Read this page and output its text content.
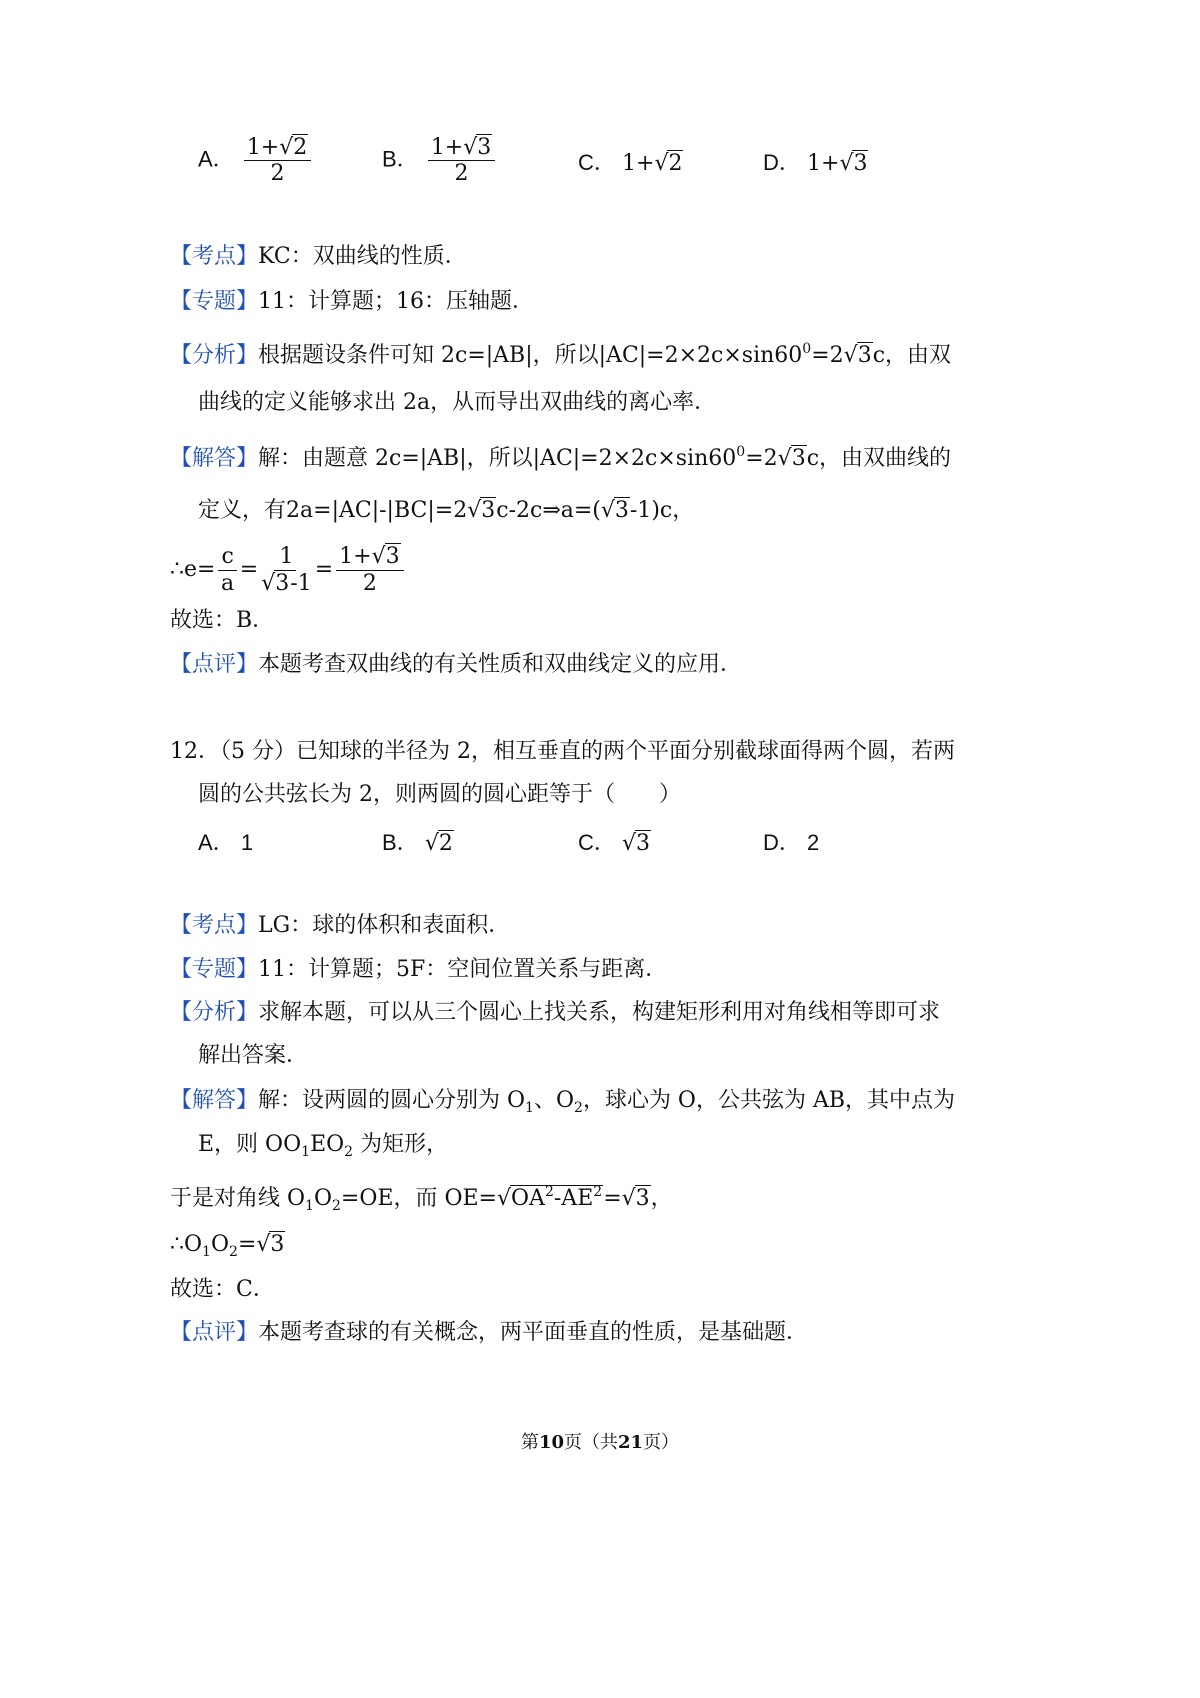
A． $\frac{1+√2}{2}$	B． $\frac{1+√3}{2}$	C． 1+√2	D． 1+√3
【考点】KC：双曲线的性质．
【专题】11：计算题；16：压轴题．
【分析】根据题设条件可知 2c=|AB|，所以$|AC|=2\times 2c\times\sin 60^0=2√3c$，由双
曲线的定义能够求出 2a，从而导出双曲线的离心率．
【解答】解：由题意 2c=|AB|，所以$|AC|=2\times 2c\times\sin 60^0=2√3c$，由双曲线的
定义，有2a=|AC|-|BC|=2√3c-2c⇒a=(√3-1)c，
∴e= $\frac{c}{a} = \frac{1}{√3-1} = \frac{1+√3}{2}$
故选：B．
【点评】本题考查双曲线的有关性质和双曲线定义的应用．
12．（5 分）已知球的半径为 2，相互垂直的两个平面分别截球面得两个圆，若两
圆的公共弦长为 2，则两圆的圆心距等于（　　）
A． 1	B． √2	C． √3	D． 2
【考点】LG：球的体积和表面积．
【专题】11：计算题；5F：空间位置关系与距离．
【分析】求解本题，可以从三个圆心上找关系，构建矩形利用对角线相等即可求
解出答案．
【解答】解：设两圆的圆心分别为 $O_1$、$O_2$，球心为 O，公共弦为 AB，其中点为
E，则 $OO_1EO_2$ 为矩形，
于是对角线 $O_1O_2=OE$，而 $OE=√OA^2-AE^2=√3$，
$\therefore O_1O_2=√3$
故选：C．
【点评】本题考查球的有关概念，两平面垂直的性质，是基础题．
第10页（共21页）
